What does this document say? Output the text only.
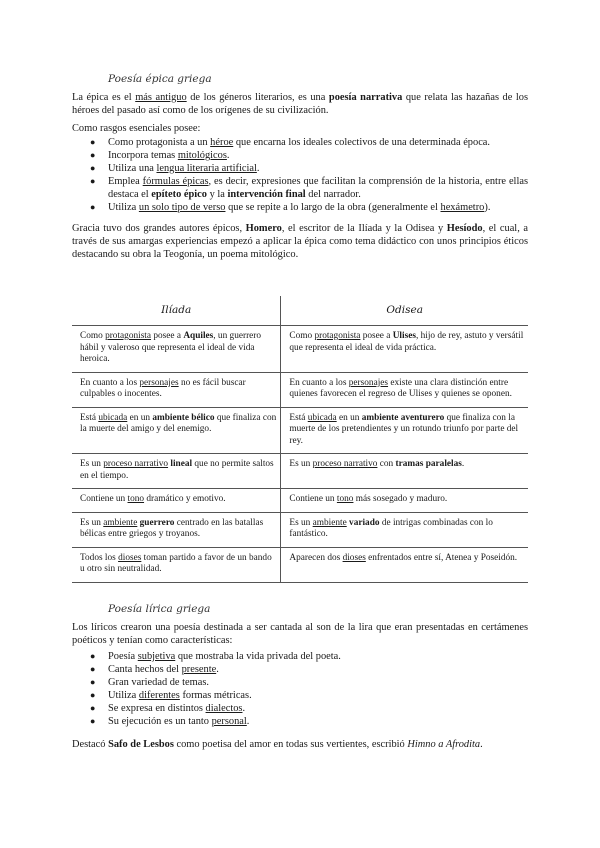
Poesía épica griega

La épica es el más antiguo de los géneros literarios, es una poesía narrativa que relata las hazañas de los héroes del pasado así como de los orígenes de su civilización.

Como rasgos esenciales posee:

● Como protagonista a un héroe que encarna los ideales colectivos de una determinada época.
● Incorpora temas mitológicos.
● Utiliza una lengua literaria artificial.
● Emplea fórmulas épicas, es decir, expresiones que facilitan la comprensión de la historia, entre ellas destaca el epíteto épico y la intervención final del narrador.
● Utiliza un solo tipo de verso que se repite a lo largo de la obra (generalmente el hexámetro).

Gracia tuvo dos grandes autores épicos, Homero, el escritor de la Ilíada y la Odisea y Hesíodo, el cual, a través de sus amargas experiencias empezó a aplicar la épica como tema didáctico con unos principios éticos destacando su obra la Teogonía, un poema mitológico.

Ilíada	Odisea
Como protagonista posee a Aquiles, un guerrero hábil y valeroso que representa el ideal de vida heroica.	Como protagonista posee a Ulises, hijo de rey, astuto y versátil que representa el ideal de vida práctica.
En cuanto a los personajes no es fácil buscar culpables o inocentes.	En cuanto a los personajes existe una clara distinción entre quienes favorecen el regreso de Ulises y quienes se oponen.
Está ubicada en un ambiente bélico que finaliza con la muerte del amigo y del enemigo.	Está ubicada en un ambiente aventurero que finaliza con la muerte de los pretendientes y un rotundo triunfo por parte del rey.
Es un proceso narrativo lineal que no permite saltos en el tiempo.	Es un proceso narrativo con tramas paralelas.
Contiene un tono dramático y emotivo.	Contiene un tono más sosegado y maduro.
Es un ambiente guerrero centrado en las batallas bélicas entre griegos y troyanos.	Es un ambiente variado de intrigas combinadas con lo fantástico.
Todos los dioses toman partido a favor de un bando u otro sin neutralidad.	Aparecen dos dioses enfrentados entre sí, Atenea y Poseidón.
Poesía lírica griega

Los líricos crearon una poesía destinada a ser cantada al son de la lira que eran presentadas en certámenes poéticos y tenían como características:

● Poesía subjetiva que mostraba la vida privada del poeta.
● Canta hechos del presente.
● Gran variedad de temas.
● Utiliza diferentes formas métricas.
● Se expresa en distintos dialectos.
● Su ejecución es un tanto personal.

Destacó Safo de Lesbos como poetisa del amor en todas sus vertientes, escribió Himno a Afrodita.
